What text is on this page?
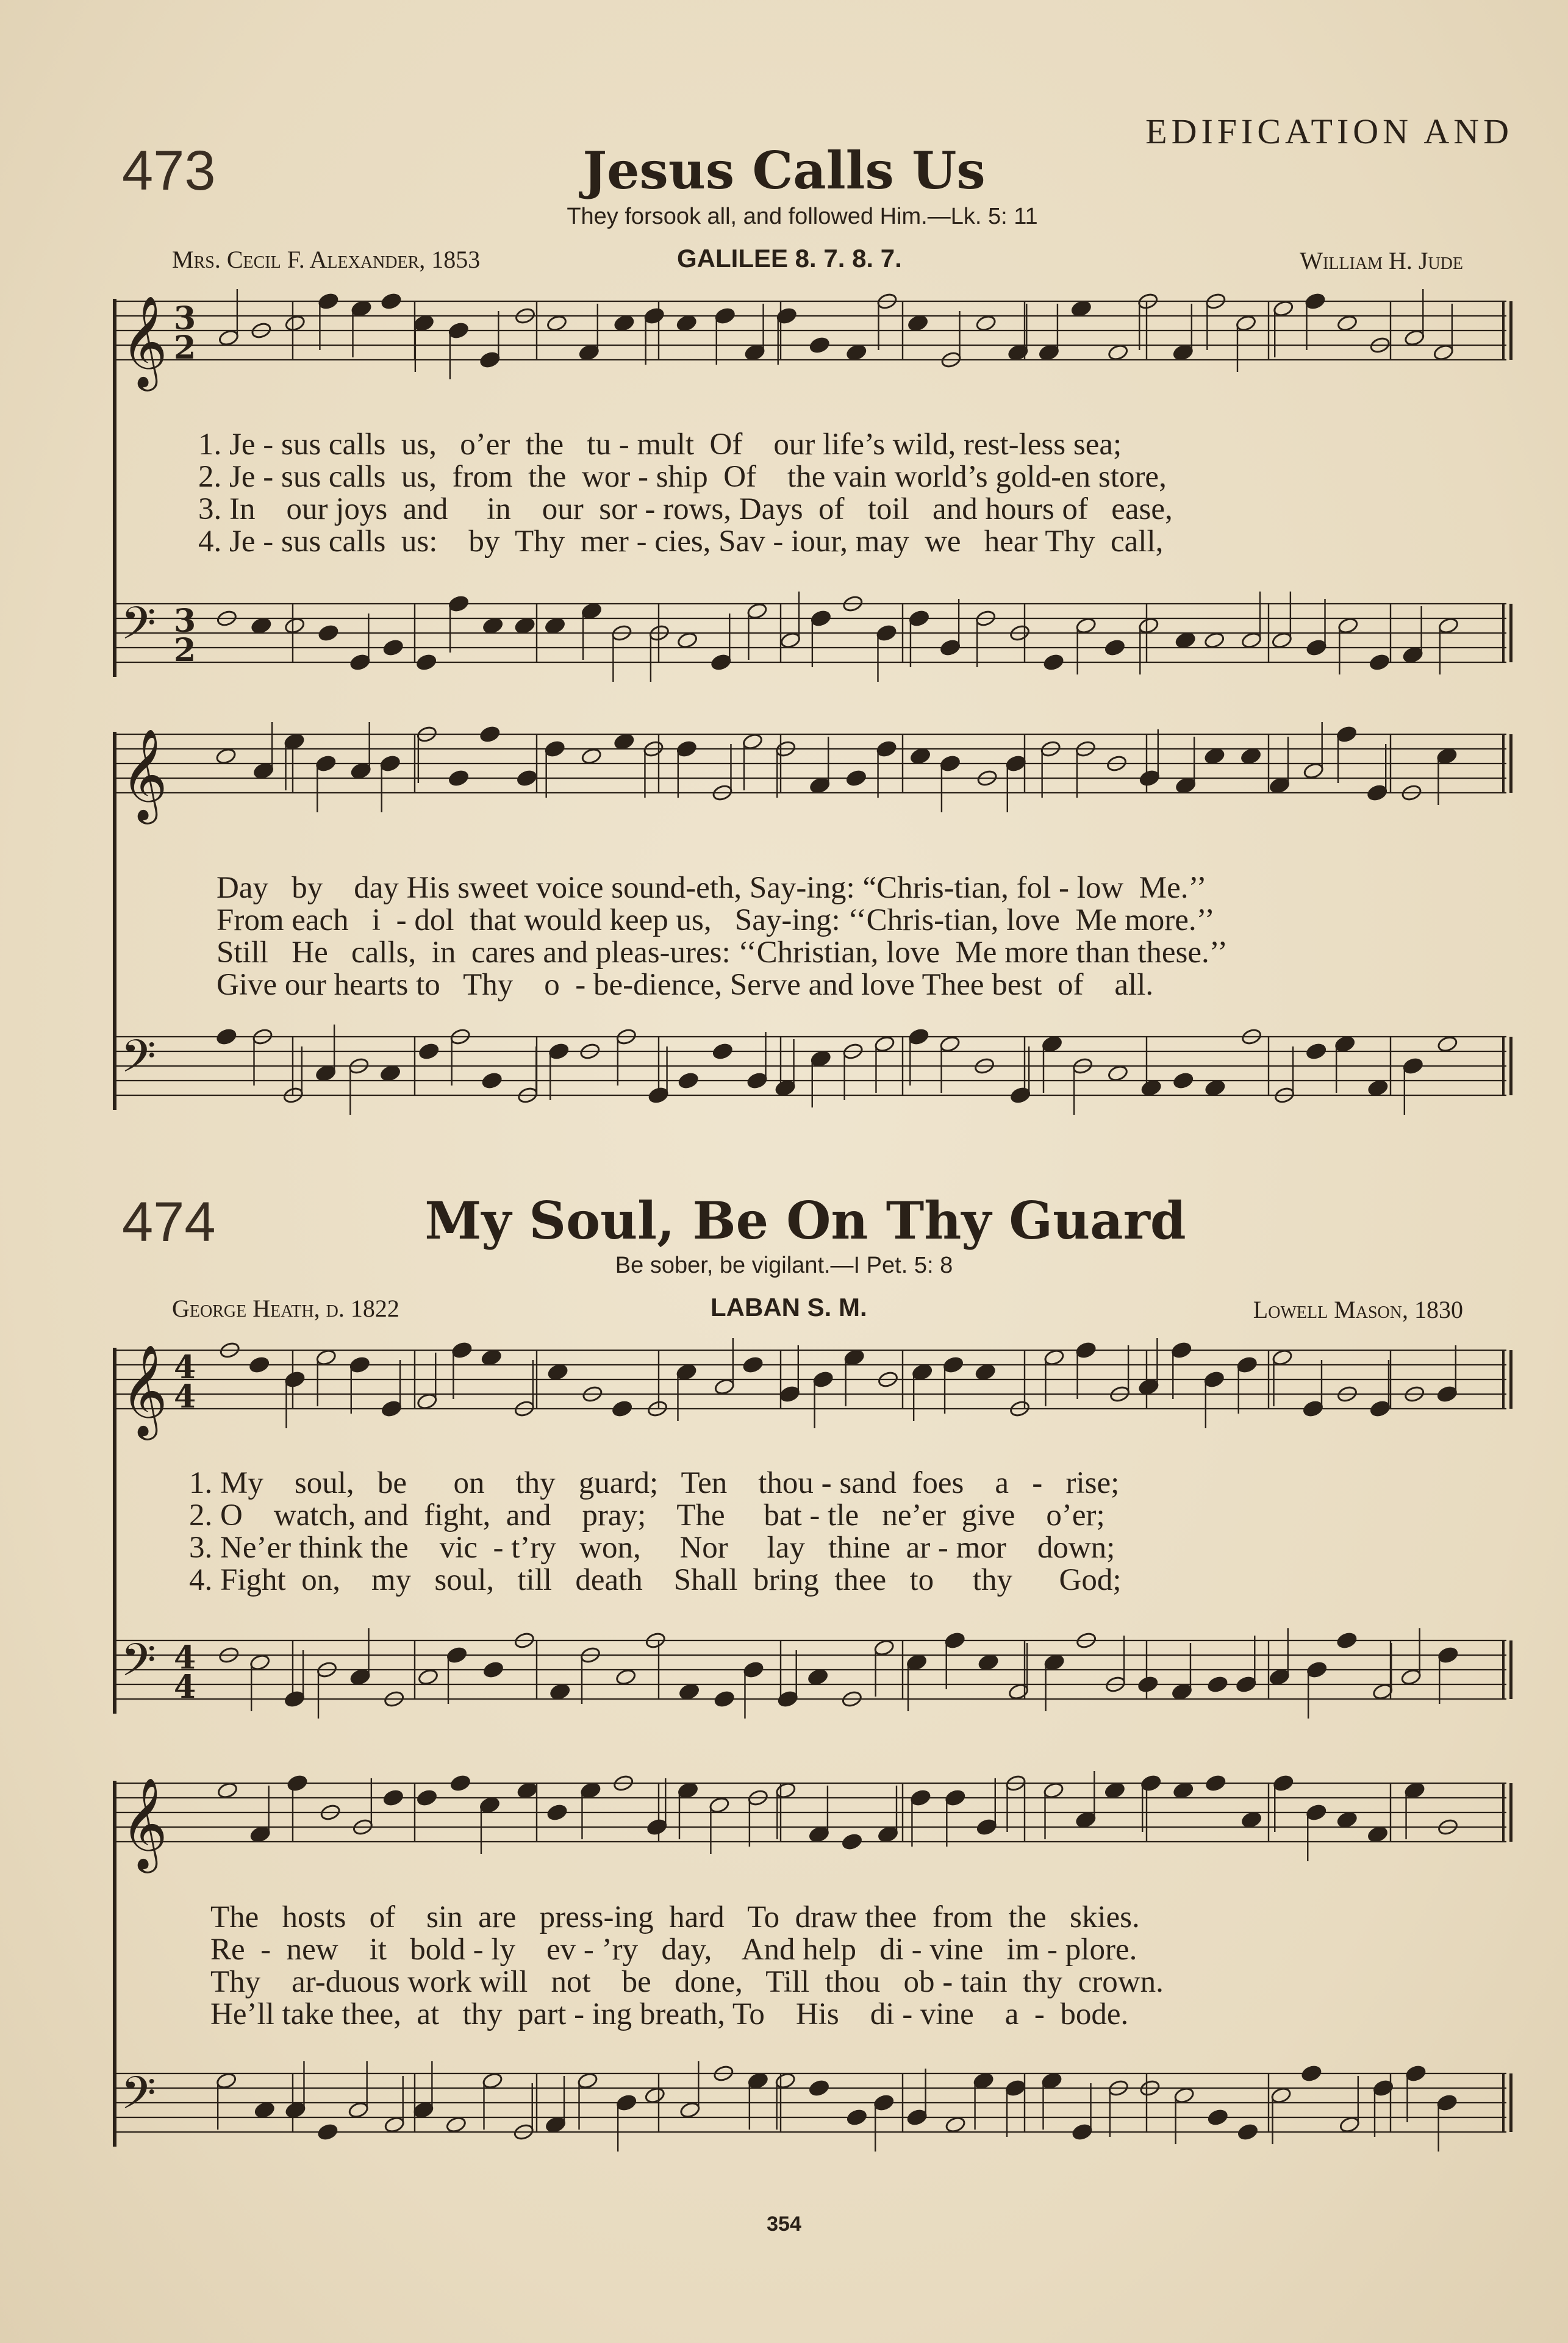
EDIFICATION AND
473	Jesus Calls Us
They forsook all, and followed Him.—Lk. 5: 11
Mrs. Cecil F. Alexander, 1853	GALILEE 8. 7. 8. 7.	William H. Jude
𝄞 3
2
𝄢 3
2
1. Je - sus calls  us,   o’er  the   tu - mult  Of    our life’s wild, rest-less sea;
2. Je - sus calls  us,  from  the  wor - ship  Of    the vain world’s gold-en store,
3. In    our joys  and     in    our  sor - rows, Days  of   toil   and hours of   ease,
4. Je - sus calls  us:    by  Thy  mer - cies, Sav - iour, may  we   hear Thy  call,
𝄞
𝄢
Day   by    day His sweet voice sound-eth, Say-ing: “Chris-tian, fol - low  Me.’’
From each   i  - dol  that would keep us,   Say-ing: ‘‘Chris-tian, love  Me more.’’
Still   He   calls,  in  cares and pleas-ures: ‘‘Christian, love  Me more than these.’’
Give our hearts to   Thy    o  - be-dience, Serve and love Thee best  of    all.
474	My Soul, Be On Thy Guard
Be sober, be vigilant.—I Pet. 5: 8
George Heath, d. 1822	LABAN S. M.	Lowell Mason, 1830
𝄞 4
4
𝄢 4
4
1. My    soul,   be      on    thy   guard;   Ten    thou - sand  foes    a   -   rise;
2. O    watch, and  fight,  and    pray;    The     bat - tle   ne’er  give    o’er;
3. Ne’er think the    vic  - t’ry   won,     Nor     lay   thine  ar - mor    down;
4. Fight  on,    my   soul,   till   death    Shall  bring  thee   to     thy      God;
𝄞
𝄢
The   hosts   of    sin  are   press-ing  hard   To  draw thee  from  the   skies.
Re  -  new    it   bold - ly    ev - ’ry   day,    And help   di - vine   im - plore.
Thy    ar-duous work will   not    be   done,   Till  thou   ob - tain  thy  crown.
He’ll take thee,  at   thy  part - ing breath, To    His    di - vine    a  -  bode.
354
